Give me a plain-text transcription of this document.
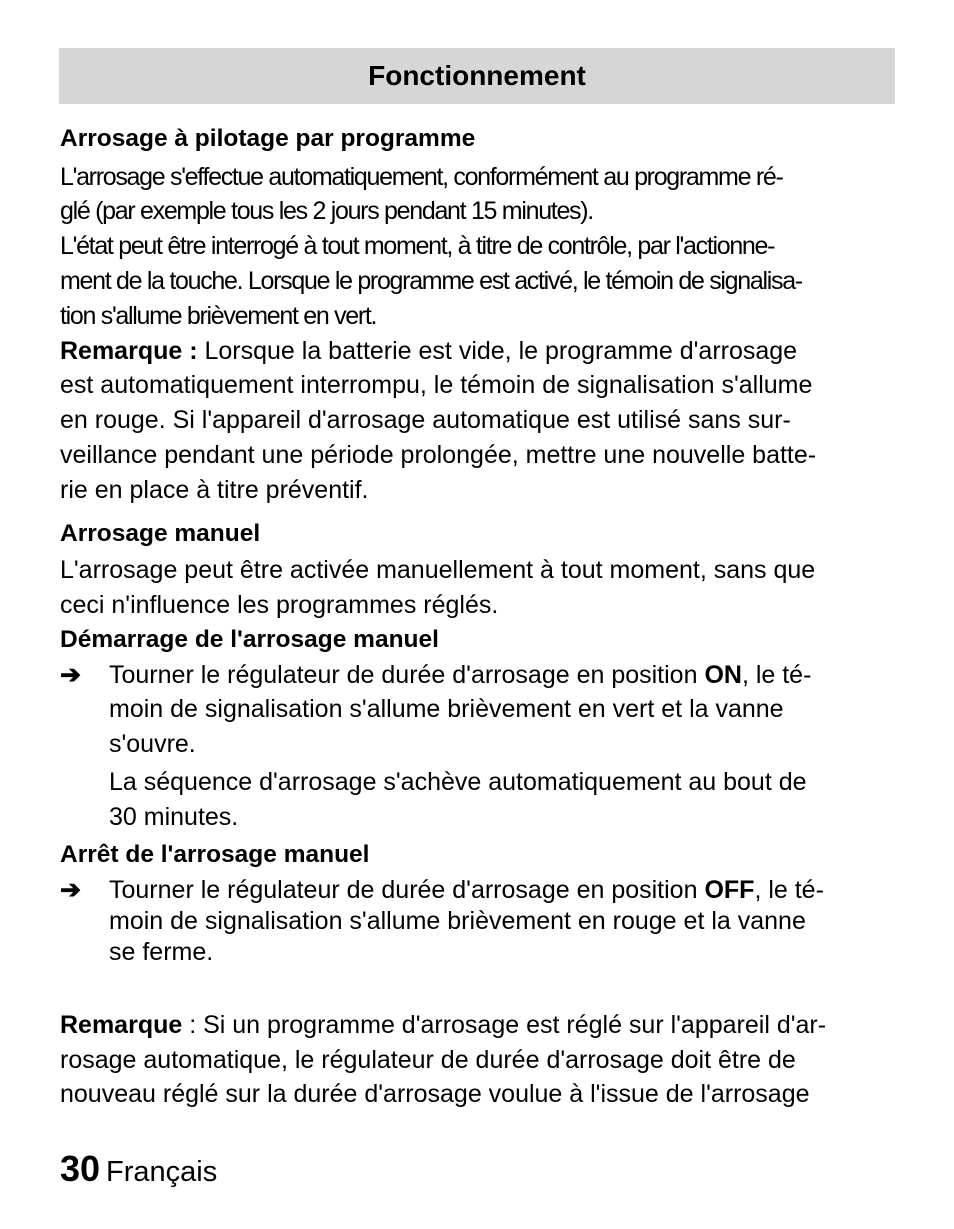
Fonctionnement
Arrosage à pilotage par programme
L'arrosage s'effectue automatiquement, conformément au programme ré-
glé (par exemple tous les 2 jours pendant 15 minutes).
L'état peut être interrogé à tout moment, à titre de contrôle, par l'actionne-
ment de la touche. Lorsque le programme est activé, le témoin de signalisa-
tion s'allume brièvement en vert.
Remarque : Lorsque la batterie est vide, le programme d'arrosage
est automatiquement interrompu, le témoin de signalisation s'allume
en rouge. Si l'appareil d'arrosage automatique est utilisé sans sur-
veillance pendant une période prolongée, mettre une nouvelle batte-
rie en place à titre préventif.
Arrosage manuel
L'arrosage peut être activée manuellement à tout moment, sans que
ceci n'influence les programmes réglés.
Démarrage de l'arrosage manuel
➔ Tourner le régulateur de durée d'arrosage en position ON, le té-
moin de signalisation s'allume brièvement en vert et la vanne
s'ouvre.
La séquence d'arrosage s'achève automatiquement au bout de
30 minutes.
Arrêt de l'arrosage manuel
➔ Tourner le régulateur de durée d'arrosage en position OFF, le té-
moin de signalisation s'allume brièvement en rouge et la vanne
se ferme.
Remarque : Si un programme d'arrosage est réglé sur l'appareil d'ar-
rosage automatique, le régulateur de durée d'arrosage doit être de
nouveau réglé sur la durée d'arrosage voulue à l'issue de l'arrosage
30 Français
